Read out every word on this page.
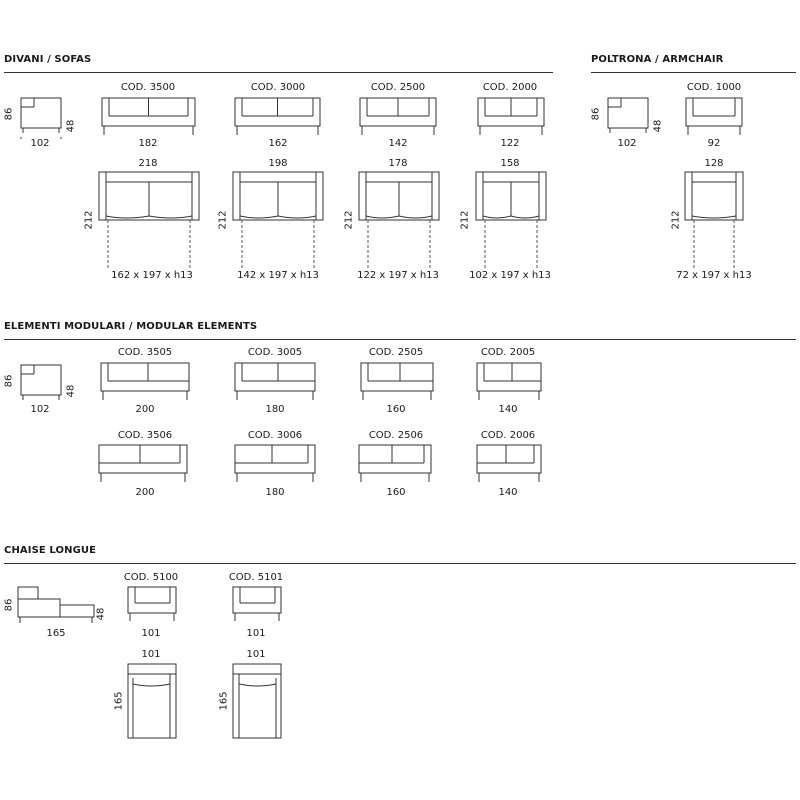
DIVANI / SOFAS	POLTRONA / ARMCHAIR
ELEMENTI MODULARI / MODULAR ELEMENTS
CHAISE LONGUE
86
48
102
COD. 3500
182
218
212
162 x 197 x h13
COD. 3000
162
198
212
142 x 197 x h13
COD. 2500
142
178
212
122 x 197 x h13
COD. 2000
122
158
212
102 x 197 x h13
86
48
102
COD. 1000
92
128
212
72 x 197 x h13
86
48
102
COD. 3505
200
COD. 3005
180
COD. 2505
160
COD. 2005
140
COD. 3506
200
COD. 3006
180
COD. 2506
160
COD. 2006
140
86
48
165
COD. 5100
101
101
165
COD. 5101
101
101
165
